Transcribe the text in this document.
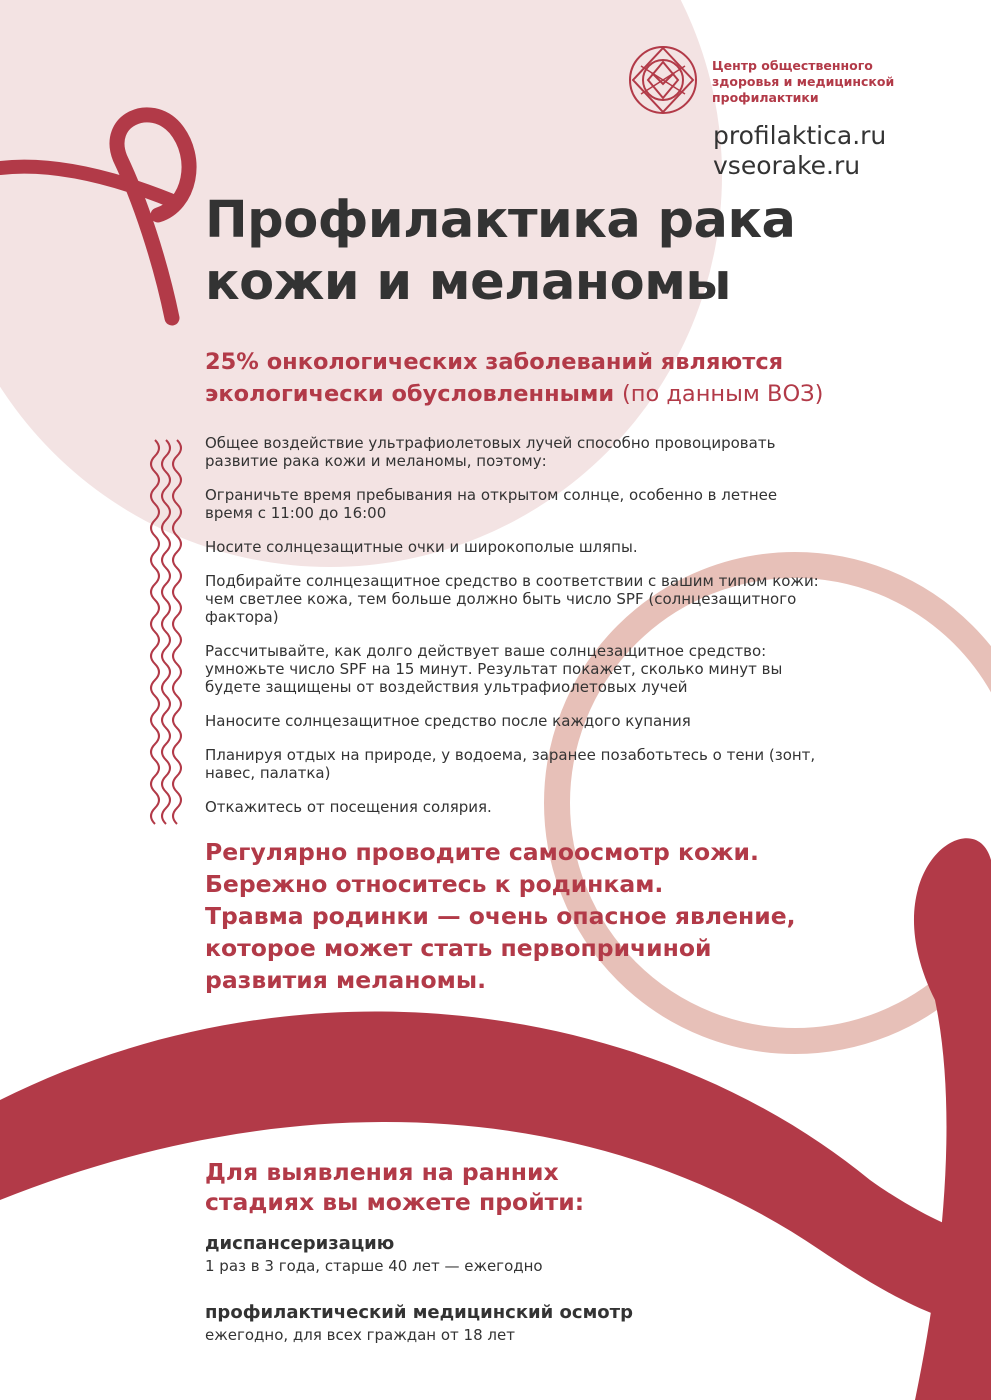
Центр общественного
здоровья и медицинской
профилактики
profilaktica.ru
vseorake.ru
Профилактика рака
кожи и меланомы
25% онкологических заболеваний являются
экологически обусловленными (по данным ВОЗ)

Общее воздействие ультрафиолетовых лучей способно провоцировать развитие рака кожи и меланомы, поэтому:

Ограничьте время пребывания на открытом солнце, особенно в летнее время с 11:00 до 16:00

Носите солнцезащитные очки и широкополые шляпы.

Подбирайте солнцезащитное средство в соответствии с вашим типом кожи: чем светлее кожа, тем больше должно быть число SPF (солнцезащитного фактора)

Рассчитывайте, как долго действует ваше солнцезащитное средство: умножьте число SPF на 15 минут. Результат покажет, сколько минут вы будете защищены от воздействия ультрафиолетовых лучей

Наносите солнцезащитное средство после каждого купания

Планируя отдых на природе, у водоема, заранее позаботьтесь о тени (зонт, навес, палатка)

Откажитесь от посещения солярия.

Регулярно проводите самоосмотр кожи.
Бережно относитесь к родинкам.
Травма родинки — очень опасное явление,
которое может стать первопричиной
развития меланомы.
Для выявления на ранних
стадиях вы можете пройти:
диспансеризацию
1 раз в 3 года, старше 40 лет — ежегодно
профилактический медицинский осмотр
ежегодно, для всех граждан от 18 лет
